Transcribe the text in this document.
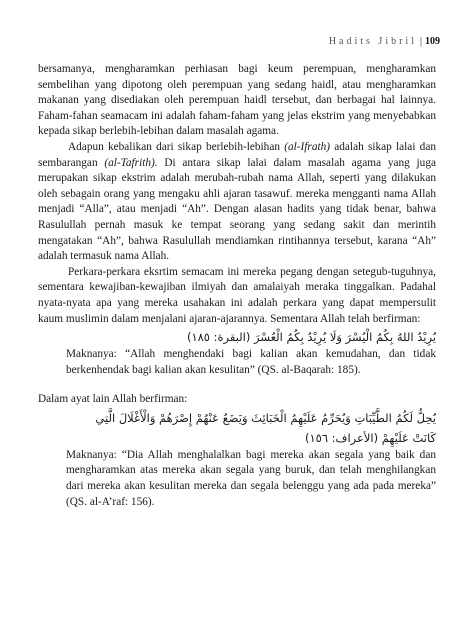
Hadits Jibril | 109

bersamanya, mengharamkan perhiasan bagi keum perempuan, mengharamkan sembelihan yang dipotong oleh perempuan yang sedang haidl, atau mengharamkan makanan yang disediakan oleh perempuan haidl tersebut, dan berbagai hal lainnya. Faham-fahan seamacam ini adalah faham-faham yang jelas ekstrim yang menyebabkan kepada sikap berlebih-lebihan dalam masalah agama.

Adapun kebalikan dari sikap berlebih-lebihan (al-Ifrath) adalah sikap lalai dan sembarangan (al-Tafrith). Di antara sikap lalai dalam masalah agama yang juga merupakan sikap ekstrim adalah merubah-rubah nama Allah, seperti yang dilakukan oleh sebagain orang yang mengaku ahli ajaran tasawuf. mereka mengganti nama Allah menjadi “Alla”, atau menjadi “Ah”. Dengan alasan hadits yang tidak benar, bahwa Rasulullah pernah masuk ke tempat seorang yang sedang sakit dan merintih mengatakan “Ah”, bahwa Rasulullah mendiamkan rintihannya tersebut, karana “Ah” adalah termasuk nama Allah.

Perkara-perkara eksrtim semacam ini mereka pegang dengan setegub-tuguhnya, sementara kewajiban-kewajiban ilmiyah dan amalaiyah meraka tinggalkan. Padahal nyata-nyata apa yang mereka usahakan ini adalah perkara yang dapat mempersulit kaum muslimin dalam menjalani ajaran-ajarannya. Sementara Allah telah berfirman:

يُرِيْدُ اللهُ بِكُمُ الْيُسْرَ وَلَا يُرِيْدُ بِكُمُ الْعُسْرَ (البقرة: ١٨٥)

Maknanya: “Allah menghendaki bagi kalian akan kemudahan, dan tidak berkenhendak bagi kalian akan kesulitan” (QS. al-Baqarah: 185).

Dalam ayat lain Allah berfirman:

يُحِلُّ لَكُمُ الطَّيِّبَاتِ وَيُحَرِّمُ عَلَيْهِمُ الْخَبَائِثَ وَيَضَعُ عَنْهُمْ إِصْرَهُمْ وَالْأَغْلَالَ الَّتِي

كَانَتْ عَلَيْهِمْ (الأعراف: ١٥٦)

Maknanya: “Dia Allah menghalalkan bagi mereka akan segala yang baik dan mengharamkan atas mereka akan segala yang buruk, dan telah menghilangkan dari mereka akan kesulitan mereka dan segala belenggu yang ada pada mereka” (QS. al-A’raf: 156).
